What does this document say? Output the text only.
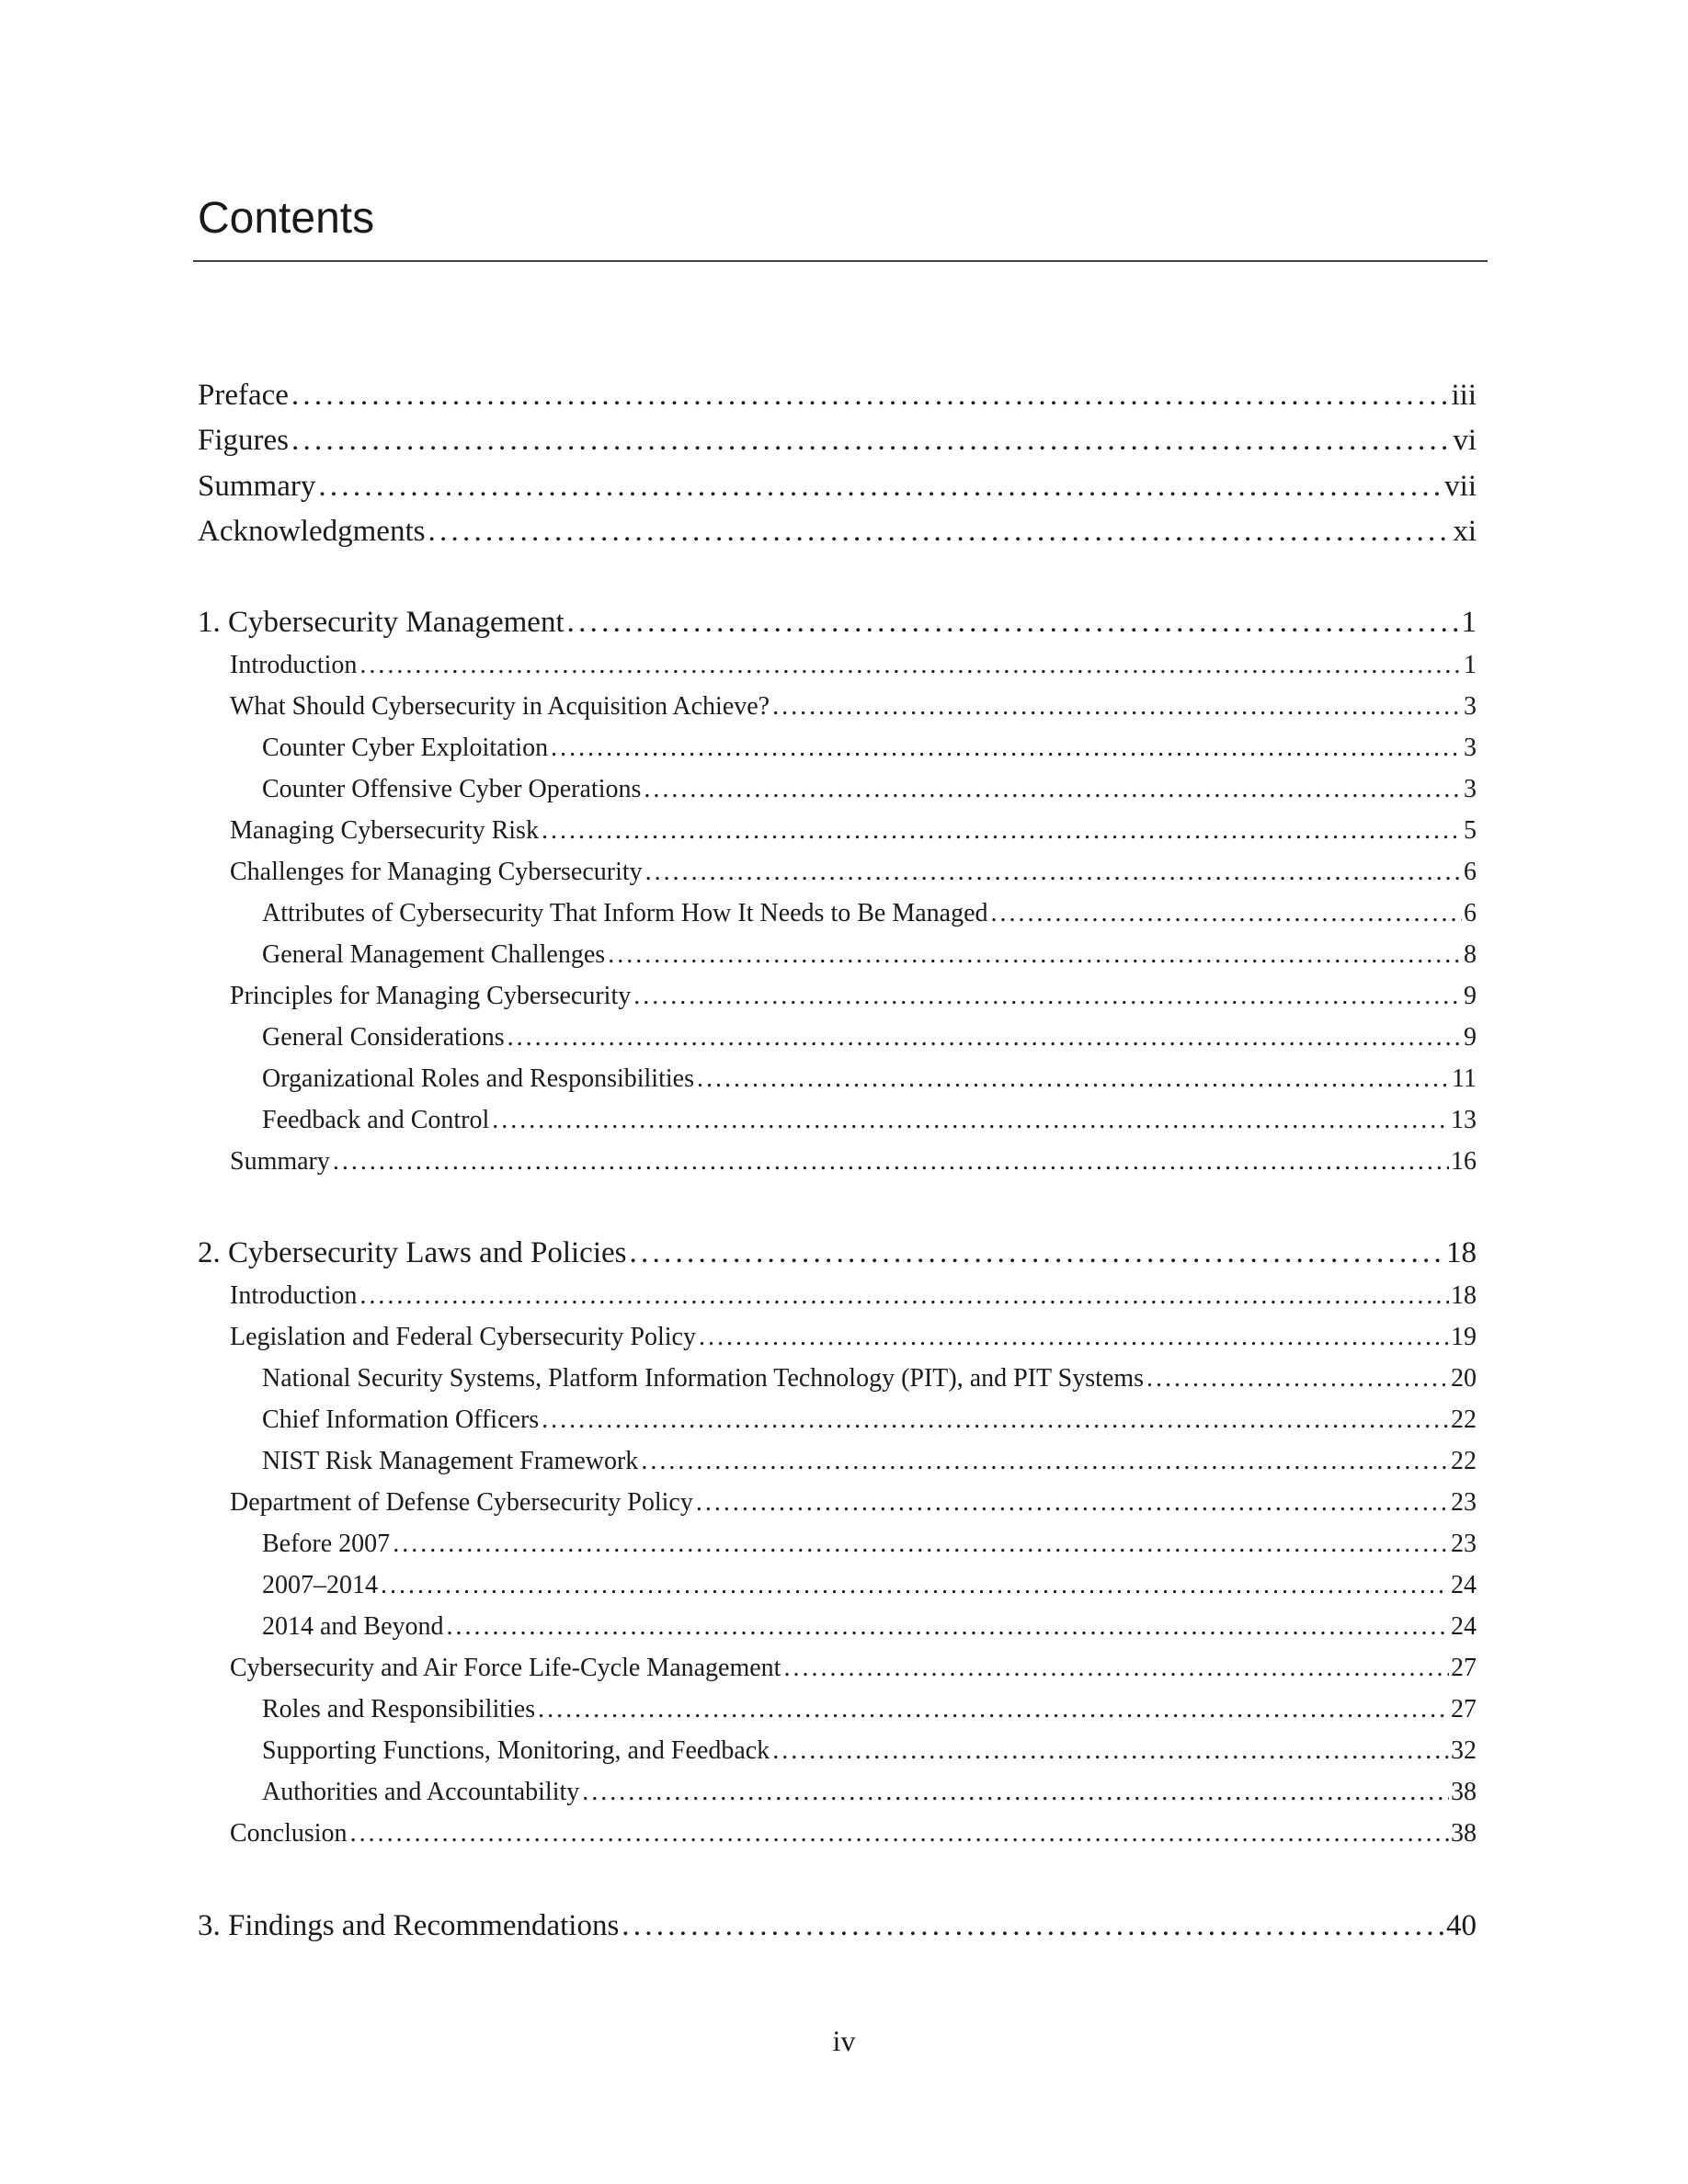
Contents
Preface . . .	iii
Figures . . .	vi
Summary . . .	vii
Acknowledgments . . .	xi
1. Cybersecurity Management . . .	1
Introduction . . .	1
What Should Cybersecurity in Acquisition Achieve? . . .	3
Counter Cyber Exploitation . . .	3
Counter Offensive Cyber Operations . . .	3
Managing Cybersecurity Risk . . .	5
Challenges for Managing Cybersecurity . . .	6
Attributes of Cybersecurity That Inform How It Needs to Be Managed . . .	6
General Management Challenges . . .	8
Principles for Managing Cybersecurity . . .	9
General Considerations . . .	9
Organizational Roles and Responsibilities . . .	11
Feedback and Control . . .	13
Summary . . .	16
2. Cybersecurity Laws and Policies . . .	18
Introduction . . .	18
Legislation and Federal Cybersecurity Policy . . .	19
National Security Systems, Platform Information Technology (PIT), and PIT Systems . . .	20
Chief Information Officers . . .	22
NIST Risk Management Framework . . .	22
Department of Defense Cybersecurity Policy . . .	23
Before 2007 . . .	23
2007–2014 . . .	24
2014 and Beyond . . .	24
Cybersecurity and Air Force Life-Cycle Management . . .	27
Roles and Responsibilities . . .	27
Supporting Functions, Monitoring, and Feedback . . .	32
Authorities and Accountability . . .	38
Conclusion . . .	38
3. Findings and Recommendations . . .	40
iv
